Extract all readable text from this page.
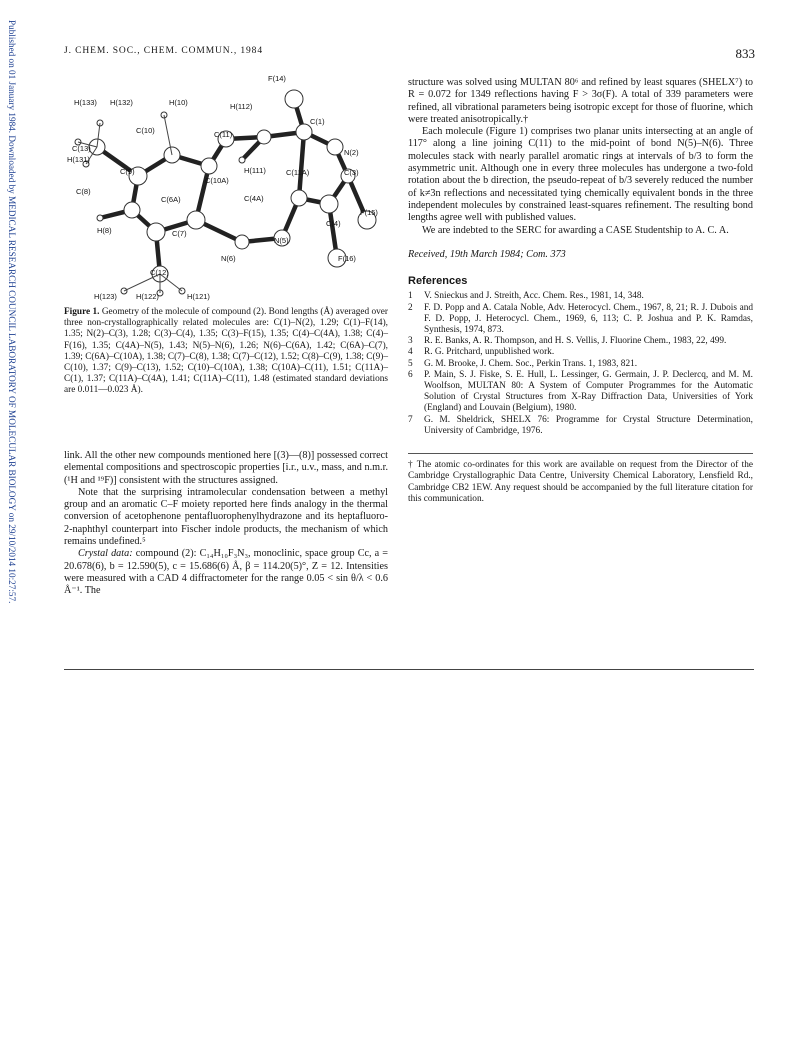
Published on 01 January 1984. Downloaded by MEDICAL RESEARCH COUNCIL LABORATORY OF MOLECULAR BIOLOGY on 29/10/2014 10:27:57.	J. CHEM. SOC., CHEM. COMMUN., 1984	833
F(14)
H(133) H(132)	H(10)	H(112)
C(1)
C(10)	C(11)
N(2)
C(13)
H(131)
C(9)	H(111)	C(11A)	C(3)
C(10A)
C(8)
C(6A)	C(4A)
F(15)
C(4)
H(8)	C(7)
N(5)
N(6)	F(16)
C(12)
H(123)	H(122)	H(121)
Figure 1. Geometry of the molecule of compound (2). Bond lengths (Å) averaged over three non-crystallographically related molecules are: C(1)–N(2), 1.29; C(1)–F(14), 1.35; N(2)–C(3), 1.28; C(3)–C(4), 1.35; C(3)–F(15), 1.35; C(4)–C(4A), 1.38; C(4)–F(16), 1.35; C(4A)–N(5), 1.43; N(5)–N(6), 1.26; N(6)–C(6A), 1.42; C(6A)–C(7), 1.39; C(6A)–C(10A), 1.38; C(7)–C(8), 1.38; C(7)–C(12), 1.52; C(8)–C(9), 1.38; C(9)–C(10), 1.37; C(9)–C(13), 1.52; C(10)–C(10A), 1.38; C(10A)–C(11), 1.51; C(11A)–C(1), 1.37; C(11A)–C(4A), 1.41; C(11A)–C(11), 1.48 (estimated standard deviations are 0.011—0.023 Å).

link. All the other new compounds mentioned here [(3)—(8)] possessed correct elemental compositions and spectroscopic properties [i.r., u.v., mass, and n.m.r. (¹H and ¹⁹F)] consistent with the structures assigned.

Note that the surprising intramolecular condensation between a methyl group and an aromatic C–F moiety reported here finds analogy in the thermal conversion of acetophenone pentafluorophenylhydrazone and its heptafluoro-2-naphthyl counterpart into Fischer indole products, the mechanism of which remains undefined.⁵

Crystal data: compound (2): C₁₄H₁₀F₃N₃, monoclinic, space group Cc, a = 20.678(6), b = 12.590(5), c = 15.686(6) Å, β = 114.20(5)°, Z = 12. Intensities were measured with a CAD 4 diffractometer for the range 0.05 < sin θ/λ < 0.6 Å⁻¹. The

structure was solved using MULTAN 80⁶ and refined by least squares (SHELX⁷) to R = 0.072 for 1349 reflections having F > 3σ(F). A total of 339 parameters were refined, all vibrational parameters being isotropic except for those of fluorine, which were treated anisotropically.†

Each molecule (Figure 1) comprises two planar units intersecting at an angle of 117° along a line joining C(11) to the mid-point of bond N(5)–N(6). Three molecules stack with nearly parallel aromatic rings at intervals of b/3 to form the asymmetric unit. Although one in every three molecules has undergone a two-fold rotation about the b direction, the pseudo-repeat of b/3 severely reduced the number of k≠3n reflections and necessitated tying chemically equivalent bonds in the three independent molecules by constrained least-squares refinement. The resulting bond lengths agree well with published values.

We are indebted to the SERC for awarding a CASE Studentship to A. C. A.

Received, 19th March 1984; Com. 373

References

1	V. Snieckus and J. Streith, Acc. Chem. Res., 1981, 14, 348.
2	F. D. Popp and A. Catala Noble, Adv. Heterocycl. Chem., 1967, 8, 21; R. J. Dubois and F. D. Popp, J. Heterocycl. Chem., 1969, 6, 113; C. P. Joshua and P. K. Ramdas, Synthesis, 1974, 873.
3	R. E. Banks, A. R. Thompson, and H. S. Vellis, J. Fluorine Chem., 1983, 22, 499.
4	R. G. Pritchard, unpublished work.
5	G. M. Brooke, J. Chem. Soc., Perkin Trans. 1, 1983, 821.
6	P. Main, S. J. Fiske, S. E. Hull, L. Lessinger, G. Germain, J. P. Declercq, and M. M. Woolfson, MULTAN 80: A System of Computer Programmes for the Automatic Solution of Crystal Structures from X-Ray Diffraction Data, Universities of York (England) and Louvain (Belgium), 1980.
7	G. M. Sheldrick, SHELX 76: Programme for Crystal Structure Determination, University of Cambridge, 1976.

† The atomic co-ordinates for this work are available on request from the Director of the Cambridge Crystallographic Data Centre, University Chemical Laboratory, Lensfield Rd., Cambridge CB2 1EW. Any request should be accompanied by the full literature citation for this communication.
